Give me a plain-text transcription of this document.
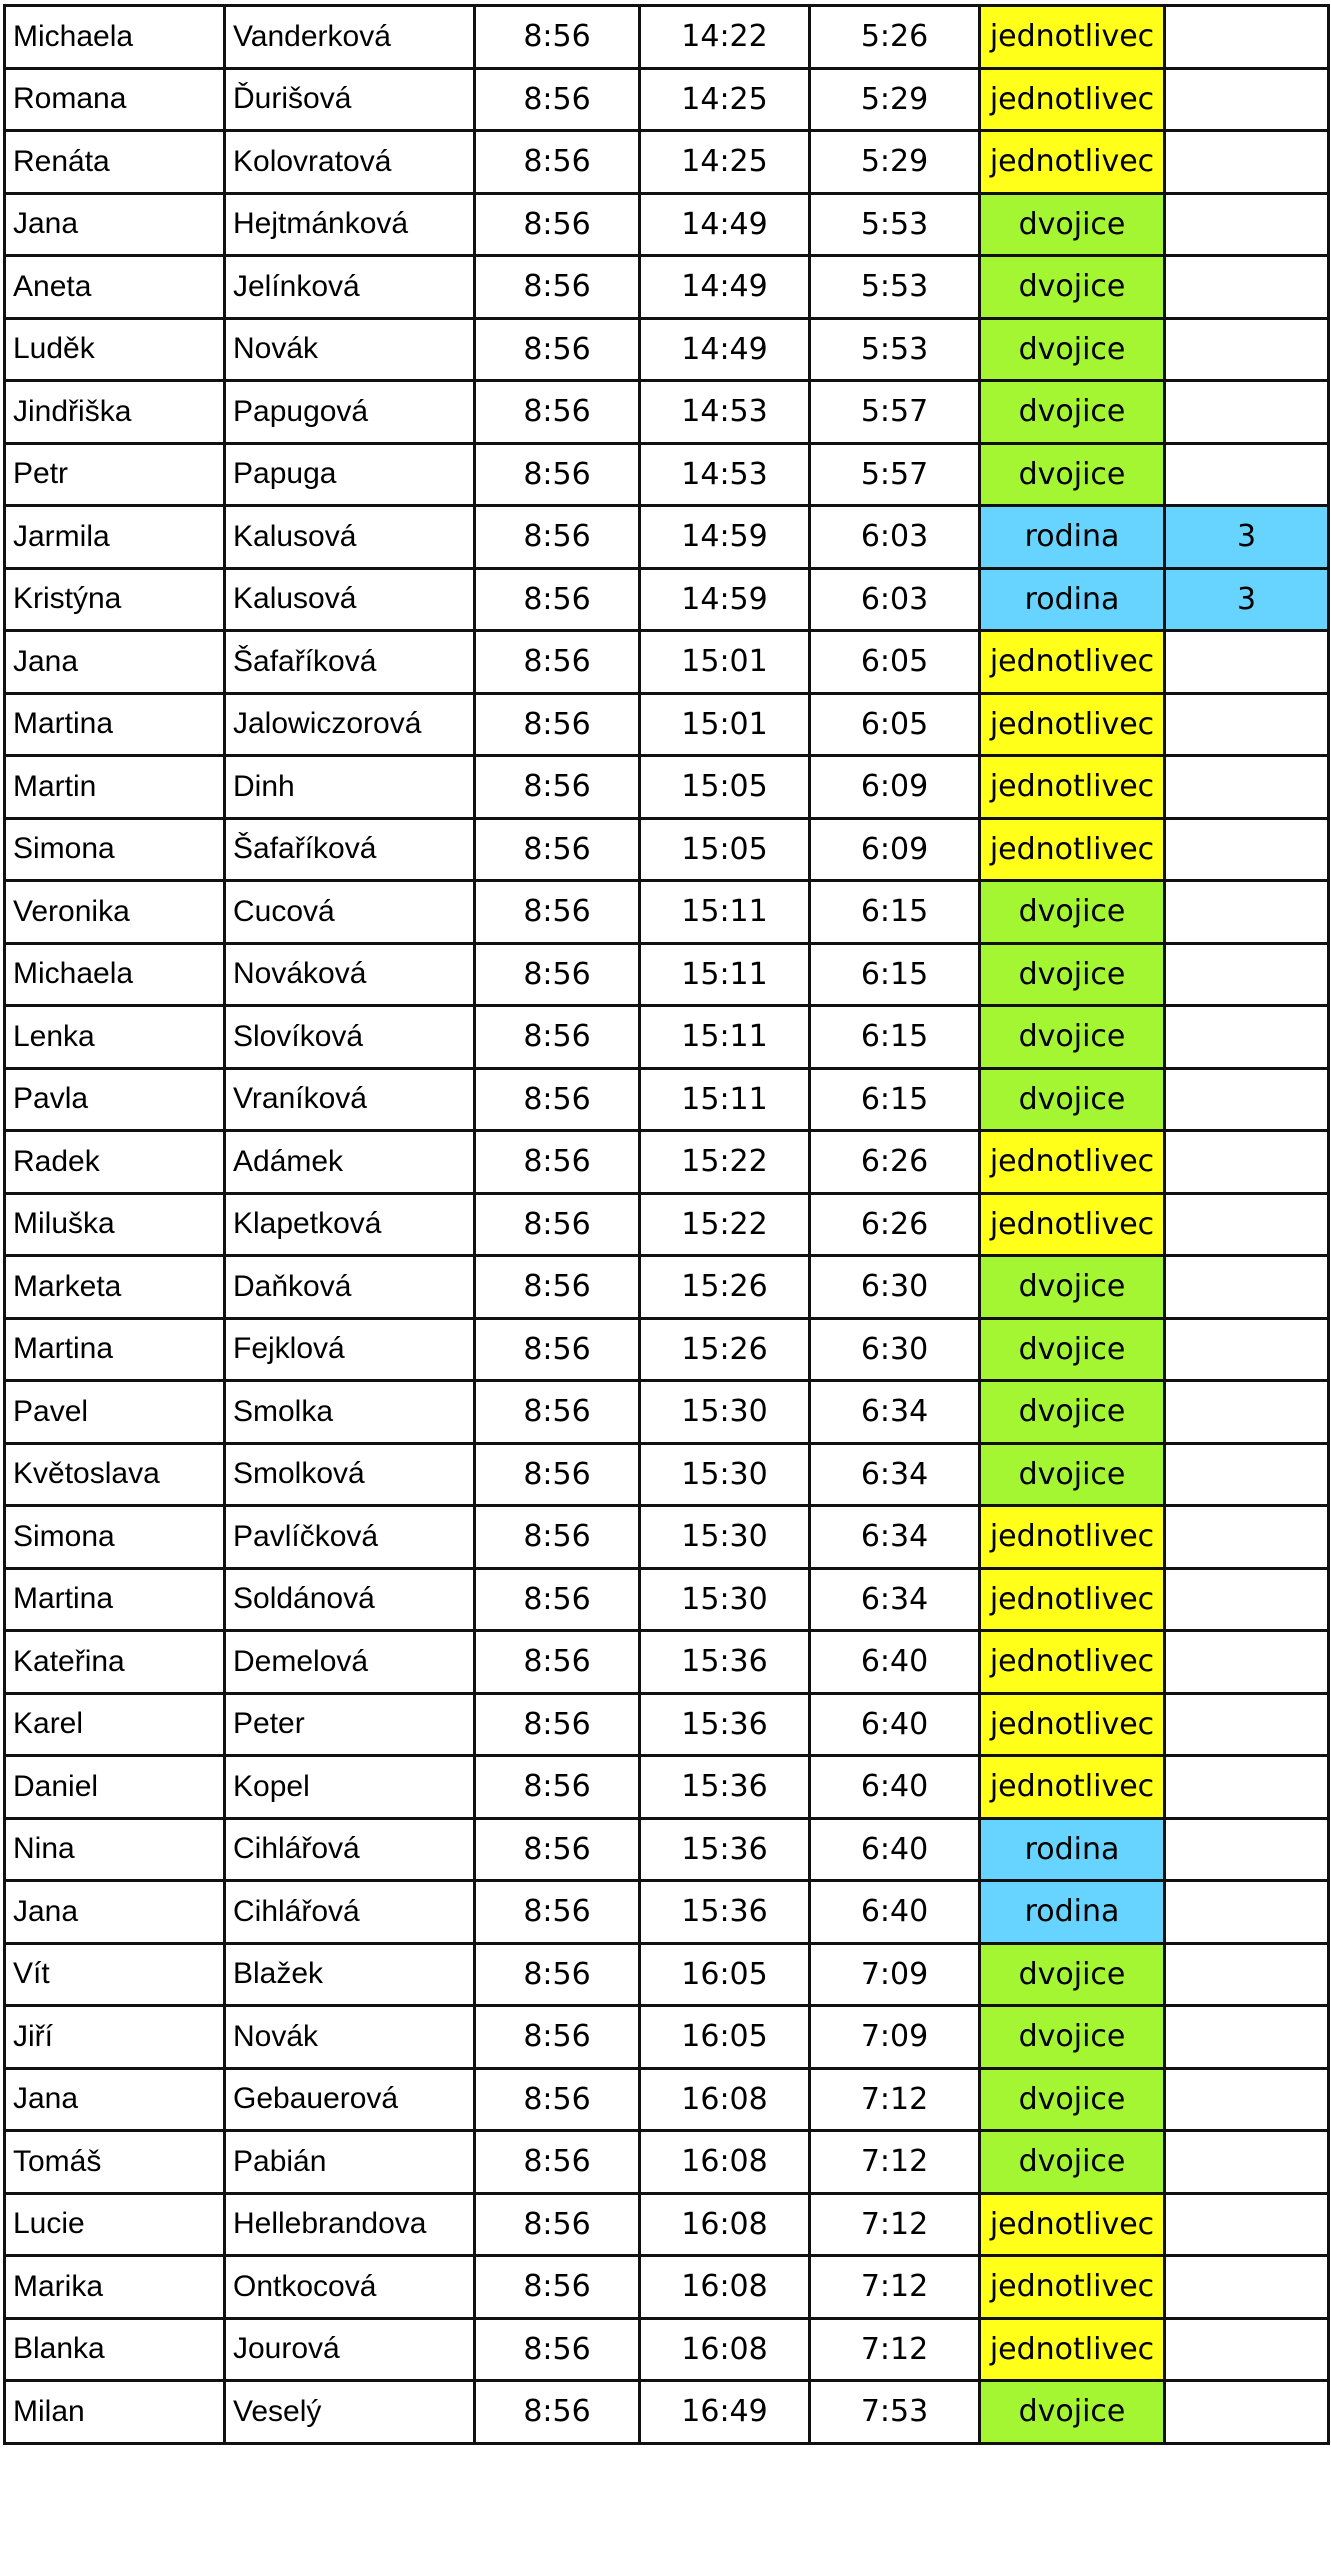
Michaela	Vanderková	8:56	14:22	5:26	jednotlivec	
Romana	Ďurišová	8:56	14:25	5:29	jednotlivec	
Renáta	Kolovratová	8:56	14:25	5:29	jednotlivec	
Jana	Hejtmánková	8:56	14:49	5:53	dvojice	
Aneta	Jelínková	8:56	14:49	5:53	dvojice	
Luděk	Novák	8:56	14:49	5:53	dvojice	
Jindřiška	Papugová	8:56	14:53	5:57	dvojice	
Petr	Papuga	8:56	14:53	5:57	dvojice	
Jarmila	Kalusová	8:56	14:59	6:03	rodina	3
Kristýna	Kalusová	8:56	14:59	6:03	rodina	3
Jana	Šafaříková	8:56	15:01	6:05	jednotlivec	
Martina	Jalowiczorová	8:56	15:01	6:05	jednotlivec	
Martin	Dinh	8:56	15:05	6:09	jednotlivec	
Simona	Šafaříková	8:56	15:05	6:09	jednotlivec	
Veronika	Cucová	8:56	15:11	6:15	dvojice	
Michaela	Nováková	8:56	15:11	6:15	dvojice	
Lenka	Slovíková	8:56	15:11	6:15	dvojice	
Pavla	Vraníková	8:56	15:11	6:15	dvojice	
Radek	Adámek	8:56	15:22	6:26	jednotlivec	
Miluška	Klapetková	8:56	15:22	6:26	jednotlivec	
Marketa	Daňková	8:56	15:26	6:30	dvojice	
Martina	Fejklová	8:56	15:26	6:30	dvojice	
Pavel	Smolka	8:56	15:30	6:34	dvojice	
Květoslava	Smolková	8:56	15:30	6:34	dvojice	
Simona	Pavlíčková	8:56	15:30	6:34	jednotlivec	
Martina	Soldánová	8:56	15:30	6:34	jednotlivec	
Kateřina	Demelová	8:56	15:36	6:40	jednotlivec	
Karel	Peter	8:56	15:36	6:40	jednotlivec	
Daniel	Kopel	8:56	15:36	6:40	jednotlivec	
Nina	Cihlářová	8:56	15:36	6:40	rodina	
Jana	Cihlářová	8:56	15:36	6:40	rodina	
Vít	Blažek	8:56	16:05	7:09	dvojice	
Jiří	Novák	8:56	16:05	7:09	dvojice	
Jana	Gebauerová	8:56	16:08	7:12	dvojice	
Tomáš	Pabián	8:56	16:08	7:12	dvojice	
Lucie	Hellebrandova	8:56	16:08	7:12	jednotlivec	
Marika	Ontkocová	8:56	16:08	7:12	jednotlivec	
Blanka	Jourová	8:56	16:08	7:12	jednotlivec	
Milan	Veselý	8:56	16:49	7:53	dvojice	
